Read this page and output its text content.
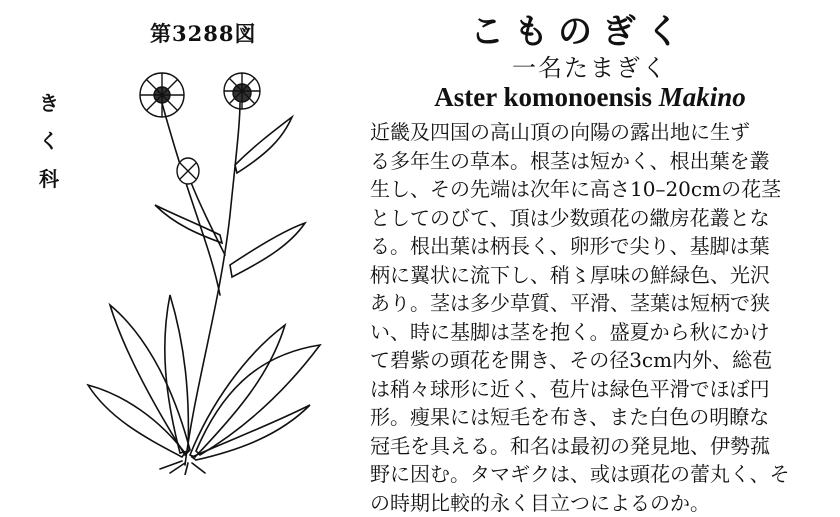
第3288図
き
く
科
こものぎく
一名たまぎく
Aster komonoensis Makino

近畿及四国の高山頂の向陽の露出地に生ず

る多年生の草本。根茎は短かく、根出葉を叢

生し、その先端は次年に高さ10–20cmの花茎

としてのびて、頂は少数頭花の繖房花叢とな

る。根出葉は柄長く、卵形で尖り、基脚は葉

柄に翼状に流下し、稍〻厚味の鮮緑色、光沢

あり。茎は多少草質、平滑、茎葉は短柄で狭

い、時に基脚は茎を抱く。盛夏から秋にかけ

て碧紫の頭花を開き、その径3cm内外、総苞

は稍々球形に近く、苞片は緑色平滑でほぼ円

形。瘦果には短毛を布き、また白色の明瞭な

冠毛を具える。和名は最初の発見地、伊勢菰

野に因む。タマギクは、或は頭花の蕾丸く、そ

の時期比較的永く目立つによるのか。
